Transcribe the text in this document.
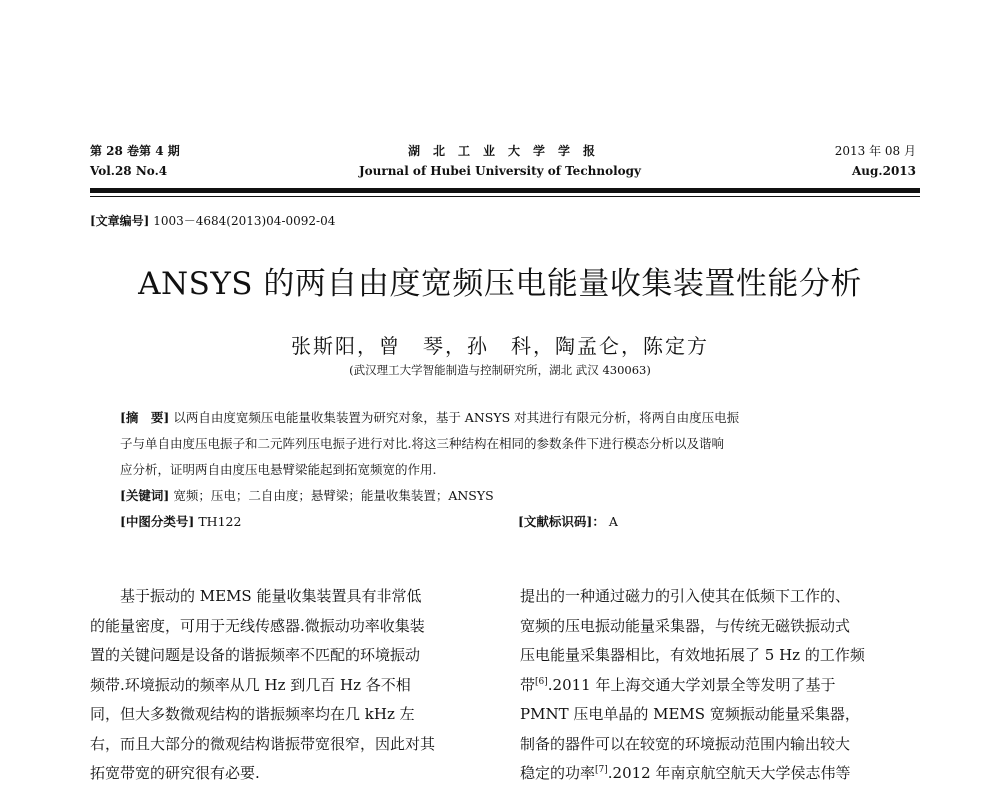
第 28 卷第 4 期
Vol.28 No.4
湖北工业大学学报
Journal of Hubei University of Technology
2013 年 08 月
Aug.2013
[文章编号] 1003－4684(2013)04-0092-04
ANSYS 的两自由度宽频压电能量收集装置性能分析
张斯阳，曾　琴，孙　科，陶孟仑，陈定方
(武汉理工大学智能制造与控制研究所，湖北 武汉 430063)
[摘　要] 以两自由度宽频压电能量收集装置为研究对象，基于 ANSYS 对其进行有限元分析，将两自由度压电振
子与单自由度压电振子和二元阵列压电振子进行对比.将这三种结构在相同的参数条件下进行模态分析以及谐响
应分析，证明两自由度压电悬臂梁能起到拓宽频宽的作用.
[关键词] 宽频；压电；二自由度；悬臂梁；能量收集装置；ANSYS
[中图分类号] TH122	[文献标识码]： A

　　基于振动的 MEMS 能量收集装置具有非常低

的能量密度，可用于无线传感器.微振动功率收集装

置的关键问题是设备的谐振频率不匹配的环境振动

频带.环境振动的频率从几 Hz 到几百 Hz 各不相

同，但大多数微观结构的谐振频率均在几 kHz 左

右，而且大部分的微观结构谐振带宽很窄，因此对其

拓宽带宽的研究很有必要.

提出的一种通过磁力的引入使其在低频下工作的、

宽频的压电振动能量采集器，与传统无磁铁振动式

压电能量采集器相比，有效地拓展了 5 Hz 的工作频

带[6].2011 年上海交通大学刘景全等发明了基于

PMNT 压电单晶的 MEMS 宽频振动能量采集器，

制备的器件可以在较宽的环境振动范围内输出较大

稳定的功率[7].2012 年南京航空航天大学侯志伟等
